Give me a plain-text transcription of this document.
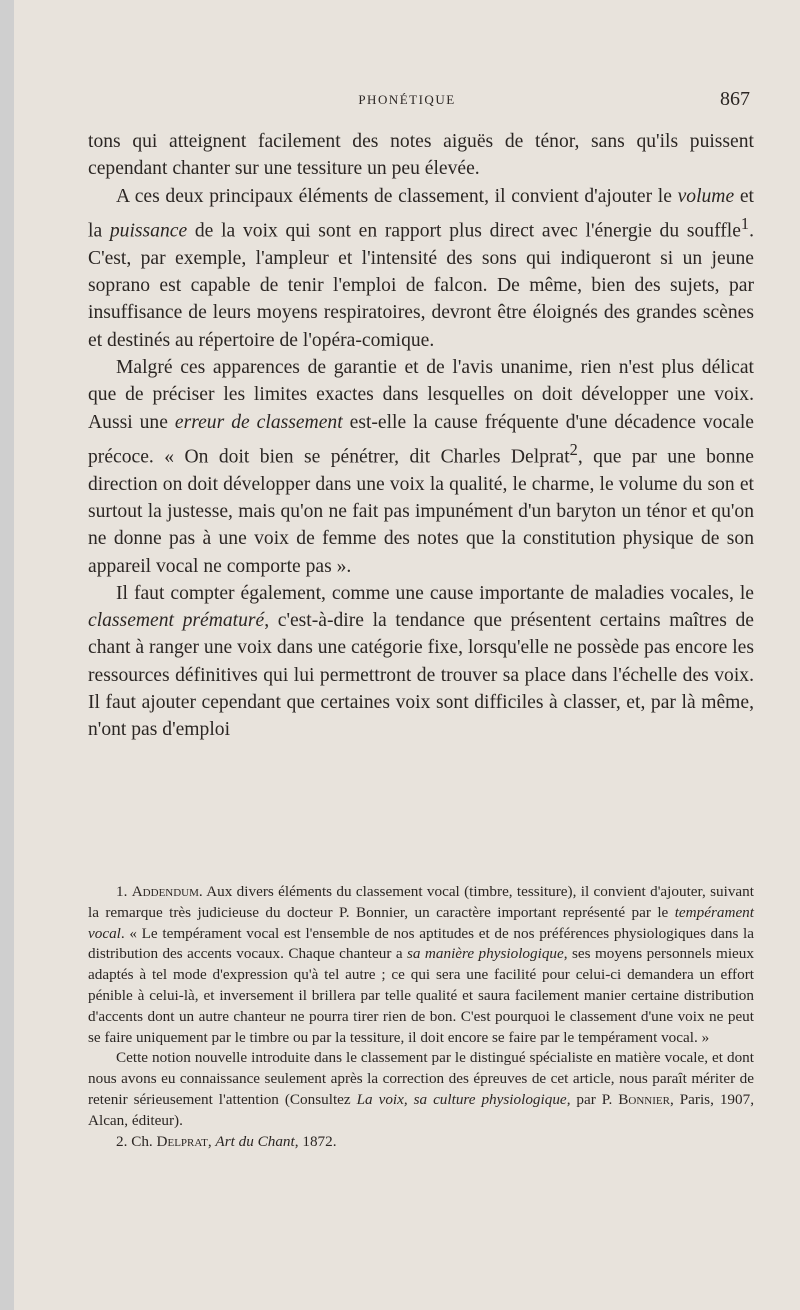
PHONÉTIQUE	867

tons qui atteignent facilement des notes aiguës de ténor, sans qu'ils puissent cependant chanter sur une tessiture un peu élevée.

A ces deux principaux éléments de classement, il convient d'ajouter le volume et la puissance de la voix qui sont en rapport plus direct avec l'énergie du souffle$^1$. C'est, par exemple, l'ampleur et l'intensité des sons qui indiqueront si un jeune soprano est capable de tenir l'emploi de falcon. De même, bien des sujets, par insuffisance de leurs moyens respiratoires, devront être éloignés des grandes scènes et destinés au répertoire de l'opéra-comique.

Malgré ces apparences de garantie et de l'avis unanime, rien n'est plus délicat que de préciser les limites exactes dans lesquelles on doit développer une voix. Aussi une erreur de classement est-elle la cause fréquente d'une décadence vocale précoce. « On doit bien se pénétrer, dit Charles Delprat$^2$, que par une bonne direction on doit développer dans une voix la qualité, le charme, le volume du son et surtout la justesse, mais qu'on ne fait pas impunément d'un baryton un ténor et qu'on ne donne pas à une voix de femme des notes que la constitution physique de son appareil vocal ne comporte pas ».

Il faut compter également, comme une cause importante de maladies vocales, le classement prématuré, c'est-à-dire la tendance que présentent certains maîtres de chant à ranger une voix dans une catégorie fixe, lorsqu'elle ne possède pas encore les ressources définitives qui lui permettront de trouver sa place dans l'échelle des voix. Il faut ajouter cependant que certaines voix sont difficiles à classer, et, par là même, n'ont pas d'emploi

1. Addendum. Aux divers éléments du classement vocal (timbre, tessiture), il convient d'ajouter, suivant la remarque très judicieuse du docteur P. Bonnier, un caractère important représenté par le tempérament vocal. « Le tempérament vocal est l'ensemble de nos aptitudes et de nos préférences physiologiques dans la distribution des accents vocaux. Chaque chanteur a sa manière physiologique, ses moyens personnels mieux adaptés à tel mode d'expression qu'à tel autre ; ce qui sera une facilité pour celui-ci demandera un effort pénible à celui-là, et inversement il brillera par telle qualité et saura facilement manier certaine distribution d'accents dont un autre chanteur ne pourra tirer rien de bon. C'est pourquoi le classement d'une voix ne peut se faire uniquement par le timbre ou par la tessiture, il doit encore se faire par le tempérament vocal. »

Cette notion nouvelle introduite dans le classement par le distingué spécialiste en matière vocale, et dont nous avons eu connaissance seulement après la correction des épreuves de cet article, nous paraît mériter de retenir sérieusement l'attention (Consultez La voix, sa culture physiologique, par P. Bonnier, Paris, 1907, Alcan, éditeur).

2. Ch. Delprat, Art du Chant, 1872.
